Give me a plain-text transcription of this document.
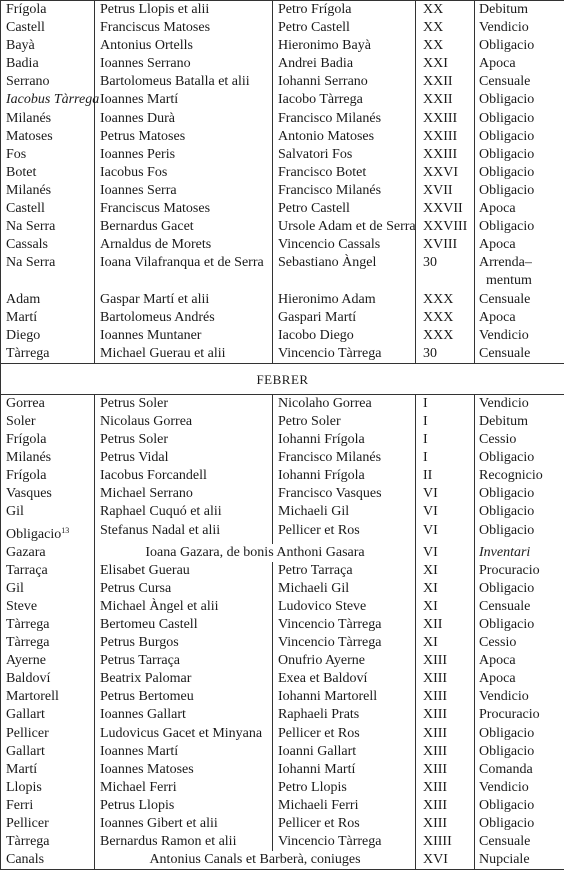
Frígola	Petrus Llopis et alii	Petro Frígola	XX	Debitum
Castell	Franciscus Matoses	Petro Castell	XX	Vendicio
Bayà	Antonius Ortells	Hieronimo Bayà	XX	Obligacio
Badia	Ioannes Serrano	Andrei Badia	XXI	Apoca
Serrano	Bartolomeus Batalla et alii	Iohanni Serrano	XXII	Censuale
Iacobus Tàrrega	Ioannes Martí	Iacobo Tàrrega	XXII	Obligacio
Milanés	Ioannes Durà	Francisco Milanés	XXIII	Obligacio
Matoses	Petrus Matoses	Antonio Matoses	XXIII	Obligacio
Fos	Ioannes Peris	Salvatori Fos	XXIII	Obligacio
Botet	Iacobus Fos	Francisco Botet	XXVI	Obligacio
Milanés	Ioannes Serra	Francisco Milanés	XVII	Obligacio
Castell	Franciscus Matoses	Petro Castell	XXVII	Apoca
Na Serra	Bernardus Gacet	Ursole Adam et de Serra	XXVIII	Obligacio
Cassals	Arnaldus de Morets	Vincencio Cassals	XVIII	Apoca
Na Serra	Ioana Vilafranqua et de Serra	Sebastiano Àngel	30	Arrenda–
mentum
Adam	Gaspar Martí et alii	Hieronimo Adam	XXX	Censuale
Martí	Bartolomeus Andrés	Gaspari Martí	XXX	Apoca
Diego	Ioannes Muntaner	Iacobo Diego	XXX	Vendicio
Tàrrega	Michael Guerau et alii	Vincencio Tàrrega	30	Censuale
FEBRER				
Gorrea	Petrus Soler	Nicolaho Gorrea	I	Vendicio
Soler	Nicolaus Gorrea	Petro Soler	I	Debitum
Frígola	Petrus Soler	Iohanni Frígola	I	Cessio
Milanés	Petrus Vidal	Francisco Milanés	I	Obligacio
Frígola	Iacobus Forcandell	Iohanni Frígola	II	Recognicio
Vasques	Michael Serrano	Francisco Vasques	VI	Obligacio
Gil	Raphael Cuquó et alii	Michaeli Gil	VI	Obligacio
Obligacio$^{13}$	Stefanus Nadal et alii	Pellicer et Ros	VI	Obligacio
Gazara	Ioana Gazara, de bonis Anthoni Gasara		VI	Inventari
Tarraça	Elisabet Guerau	Petro Tarraça	XI	Procuracio
Gil	Petrus Cursa	Michaeli Gil	XI	Obligacio
Steve	Michael Àngel et alii	Ludovico Steve	XI	Censuale
Tàrrega	Bertomeu Castell	Vincencio Tàrrega	XII	Obligacio
Tàrrega	Petrus Burgos	Vincencio Tàrrega	XI	Cessio
Ayerne	Petrus Tarraça	Onufrio Ayerne	XIII	Apoca
Baldoví	Beatrix Palomar	Exea et Baldoví	XIII	Apoca
Martorell	Petrus Bertomeu	Iohanni Martorell	XIII	Vendicio
Gallart	Ioannes Gallart	Raphaeli Prats	XIII	Procuracio
Pellicer	Ludovicus Gacet et Minyana	Pellicer et Ros	XIII	Obligacio
Gallart	Ioannes Martí	Ioanni Gallart	XIII	Obligacio
Martí	Ioannes Matoses	Iohanni Martí	XIII	Comanda
Llopis	Michael Ferri	Petro Llopis	XIII	Vendicio
Ferri	Petrus Llopis	Michaeli Ferri	XIII	Obligacio
Pellicer	Ioannes Gibert et alii	Pellicer et Ros	XIII	Obligacio
Tàrrega	Bernardus Ramon et alii	Vincencio Tàrrega	XIIII	Censuale
Canals	Antonius Canals et Barberà, coniuges		XVI	Nupciale
